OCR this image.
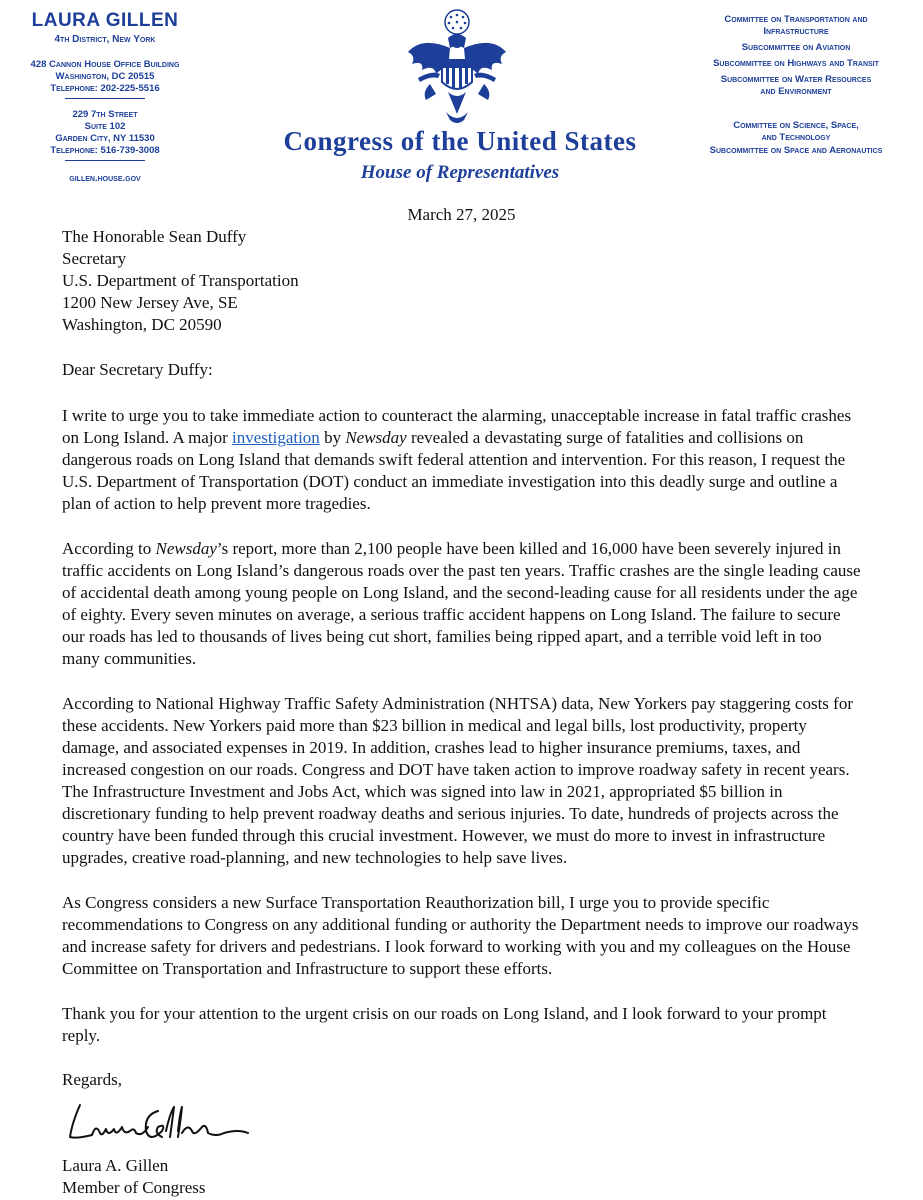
LAURA GILLEN
4th District, New York
428 Cannon House Office Building
Washington, DC 20515
Telephone: 202-225-5516
229 7th Street
Suite 102
Garden City, NY 11530
Telephone: 516-739-3008
gillen.house.gov
Congress of the United States
House of Representatives
Committee on Transportation and
Infrastructure
Subcommittee on Aviation
Subcommittee on Highways and Transit
Subcommittee on Water Resources
and Environment
Committee on Science, Space,
and Technology
Subcommittee on Space and Aeronautics
March 27, 2025
The Honorable Sean Duffy
Secretary
U.S. Department of Transportation
1200 New Jersey Ave, SE
Washington, DC 20590
Dear Secretary Duffy:

I write to urge you to take immediate action to counteract the alarming, unacceptable increase in fatal traffic crashes on Long Island. A major investigation by Newsday revealed a devastating surge of fatalities and collisions on dangerous roads on Long Island that demands swift federal attention and intervention. For this reason, I request the U.S. Department of Transportation (DOT) conduct an immediate investigation into this deadly surge and outline a plan of action to help prevent more tragedies.

According to Newsday’s report, more than 2,100 people have been killed and 16,000 have been severely injured in traffic accidents on Long Island’s dangerous roads over the past ten years. Traffic crashes are the single leading cause of accidental death among young people on Long Island, and the second-leading cause for all residents under the age of eighty. Every seven minutes on average, a serious traffic accident happens on Long Island. The failure to secure our roads has led to thousands of lives being cut short, families being ripped apart, and a terrible void left in too many communities.

According to National Highway Traffic Safety Administration (NHTSA) data, New Yorkers pay staggering costs for these accidents. New Yorkers paid more than $23 billion in medical and legal bills, lost productivity, property damage, and associated expenses in 2019. In addition, crashes lead to higher insurance premiums, taxes, and increased congestion on our roads. Congress and DOT have taken action to improve roadway safety in recent years. The Infrastructure Investment and Jobs Act, which was signed into law in 2021, appropriated $5 billion in discretionary funding to help prevent roadway deaths and serious injuries. To date, hundreds of projects across the country have been funded through this crucial investment. However, we must do more to invest in infrastructure upgrades, creative road-planning, and new technologies to help save lives.

As Congress considers a new Surface Transportation Reauthorization bill, I urge you to provide specific recommendations to Congress on any additional funding or authority the Department needs to improve our roadways and increase safety for drivers and pedestrians. I look forward to working with you and my colleagues on the House Committee on Transportation and Infrastructure to support these efforts.

Thank you for your attention to the urgent crisis on our roads on Long Island, and I look forward to your prompt reply.

Regards,
Laura A. Gillen
Member of Congress
